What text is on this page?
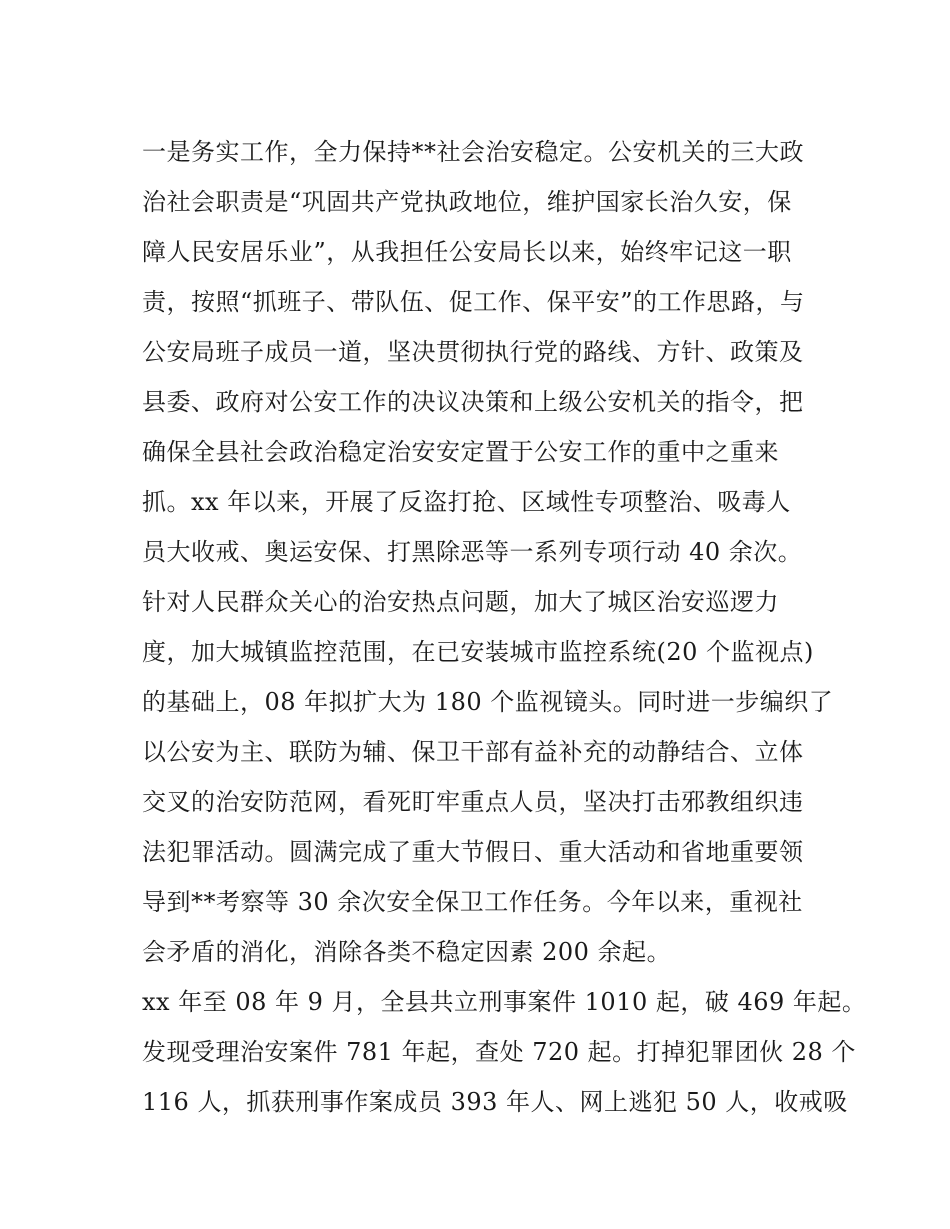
一是务实工作，全力保持**社会治安稳定。公安机关的三大政
治社会职责是“巩固共产党执政地位，维护国家长治久安，保
障人民安居乐业”，从我担任公安局长以来，始终牢记这一职
责，按照“抓班子、带队伍、促工作、保平安”的工作思路，与
公安局班子成员一道，坚决贯彻执行党的路线、方针、政策及
县委、政府对公安工作的决议决策和上级公安机关的指令，把
确保全县社会政治稳定治安安定置于公安工作的重中之重来
抓。xx 年以来，开展了反盗打抢、区域性专项整治、吸毒人
员大收戒、奥运安保、打黑除恶等一系列专项行动 40 余次。
针对人民群众关心的治安热点问题，加大了城区治安巡逻力
度，加大城镇监控范围，在已安装城市监控系统(20 个监视点)
的基础上，08 年拟扩大为 180 个监视镜头。同时进一步编织了
以公安为主、联防为辅、保卫干部有益补充的动静结合、立体
交叉的治安防范网，看死盯牢重点人员，坚决打击邪教组织违
法犯罪活动。圆满完成了重大节假日、重大活动和省地重要领
导到**考察等 30 余次安全保卫工作任务。今年以来，重视社
会矛盾的消化，消除各类不稳定因素 200 余起。
xx 年至 08 年 9 月，全县共立刑事案件 1010 起，破 469 年起。
发现受理治安案件 781 年起，查处 720 起。打掉犯罪团伙 28 个
116 人，抓获刑事作案成员 393 年人、网上逃犯 50 人，收戒吸
